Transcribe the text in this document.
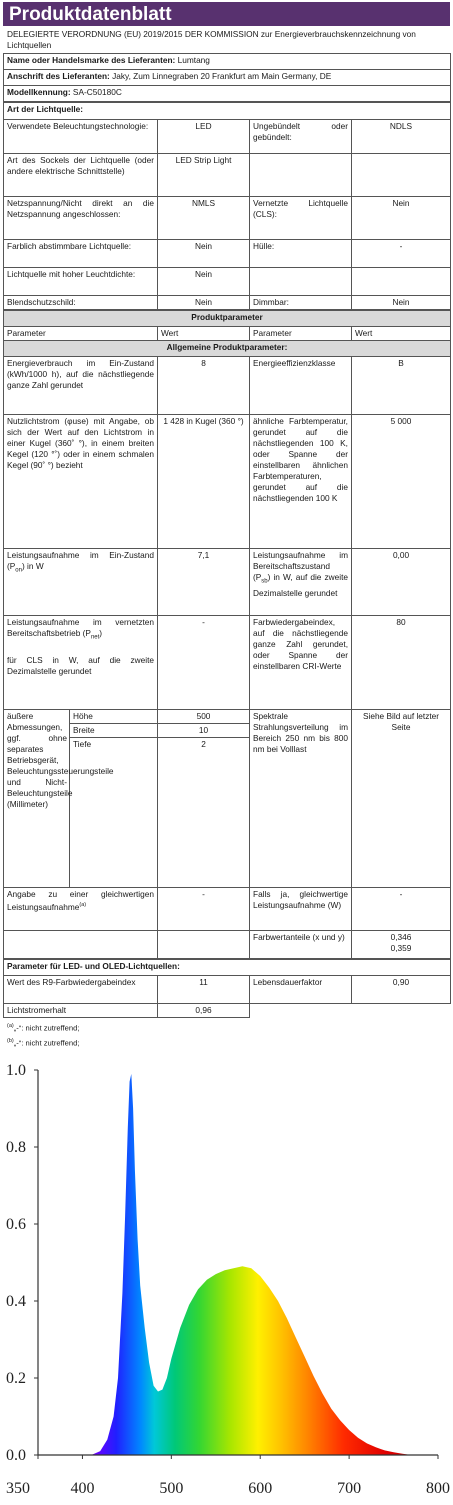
Produktdatenblatt
DELEGIERTE VERORDNUNG (EU) 2019/2015 DER KOMMISSION zur Energieverbrauchskennzeichnung von Lichtquellen
Name oder Handelsmarke des Lieferanten: Lumtang
Anschrift des Lieferanten: Jaky, Zum Linnegraben 20 Frankfurt am Main Germany, DE
Modellkennung: SA-C50180C
Art der Lichtquelle:			
Verwendete Beleuchtungstechnologie:	LED	Ungebündelt oder gebündelt:	NDLS
Art des Sockels der Lichtquelle (oder andere elektrische Schnittstelle)	LED Strip Light		
Netzspannung/Nicht direkt an die Netzspannung angeschlossen:	NMLS	Vernetzte Lichtquelle (CLS):	Nein
Farblich abstimmbare Lichtquelle:	Nein	Hülle:	-
Lichtquelle mit hoher Leuchtdichte:	Nein		
Blendschutzschild:	Nein	Dimmbar:	Nein
Produktparameter				
Parameter		Wert	Parameter	Wert
Allgemeine Produktparameter:				
Energieverbrauch im Ein-Zustand (kWh/1000 h), auf die nächstliegende ganze Zahl gerundet		8	Energieeffizienzklasse	B
Nutzlichtstrom (φuse) mit Angabe, ob sich der Wert auf den Lichtstrom in einer Kugel (360˚ °), in einem breiten Kegel (120 °˚) oder in einem schmalen Kegel (90˚ °) bezieht		1 428 in Kugel (360 °)	ähnliche Farbtemperatur, gerundet auf die nächstliegenden 100 K, oder Spanne der einstellbaren ähnlichen Farbtemperaturen, gerundet auf die nächstliegenden 100 K	5 000
Leistungsaufnahme im Ein-Zustand $(P_{on})$ in W		7,1	Leistungsaufnahme im Bereitschaftszustand $(P_{sb})$ in W, auf die zweite Dezimalstelle gerundet	0,00
Leistungsaufnahme im vernetzten Bereitschaftsbetrieb $(P_{net})$

für CLS in W, auf die zweite Dezimalstelle gerundet		-	Farbwiedergabeindex, auf die nächstliegende ganze Zahl gerundet, oder Spanne der einstellbaren CRI-Werte	80
äußere Abmessungen, ggf. ohne separates Betriebsgerät, Beleuchtungssteuerungsteile und Nicht-Beleuchtungsteile (Millimeter)	Höhe	500	Spektrale Strahlungsverteilung im Bereich 250 nm bis 800 nm bei Volllast	Siehe Bild auf letzter Seite
	Breite	10		
	Tiefe	2		
Angabe zu einer gleichwertigen Leistungsaufnahme$^{(a)}$		-	Falls ja, gleichwertige Leistungsaufnahme (W)	-
			Farbwertanteile (x und y)	0,346
0,359
Parameter für LED- und OLED-Lichtquellen:			
Wert des R9-Farbwiedergabeindex	11	Lebensdauerfaktor	0,90
Lichtstromerhalt	0,96		
$^{(a)}$„-“: nicht zutreffend;
$^{(b)}$„-“: nicht zutreffend;
0.0
0.2
0.4
0.6
0.8
1.0
350	400	500	600	700	800
